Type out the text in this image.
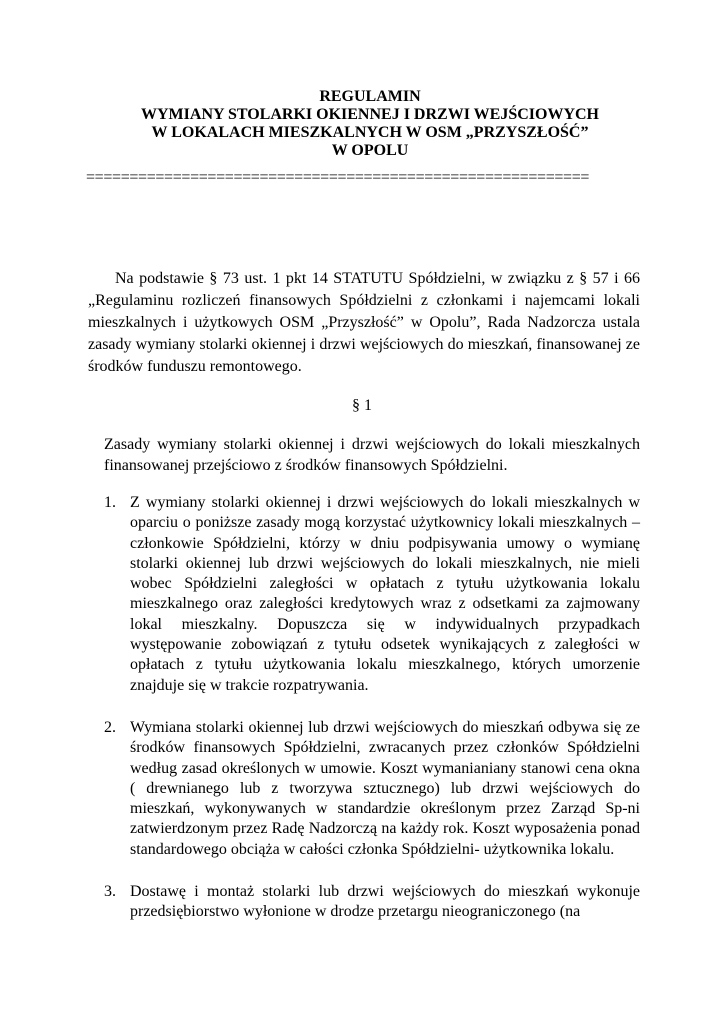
REGULAMIN
WYMIANY STOLARKI OKIENNEJ I DRZWI WEJŚCIOWYCH
W LOKALACH MIESZKALNYCH W OSM „PRZYSZŁOŚĆ”
W OPOLU
==========================================================

Na podstawie § 73 ust. 1 pkt 14 STATUTU Spółdzielni, w związku z § 57 i 66 „Regulaminu rozliczeń finansowych Spółdzielni z członkami i najemcami lokali mieszkalnych i użytkowych OSM „Przyszłość” w Opolu”, Rada Nadzorcza ustala zasady wymiany stolarki okiennej i drzwi wejściowych do mieszkań, finansowanej ze środków funduszu remontowego.

§ 1

Zasady wymiany stolarki okiennej i drzwi wejściowych do lokali mieszkalnych finansowanej przejściowo z środków finansowych Spółdzielni.

1. Z wymiany stolarki okiennej i drzwi wejściowych do lokali mieszkalnych w oparciu o poniższe zasady mogą korzystać użytkownicy lokali mieszkalnych – członkowie Spółdzielni, którzy w dniu podpisywania umowy o wymianę stolarki okiennej lub drzwi wejściowych do lokali mieszkalnych, nie mieli wobec Spółdzielni zaległości w opłatach z tytułu użytkowania lokalu mieszkalnego oraz zaległości kredytowych wraz z odsetkami za zajmowany lokal mieszkalny. Dopuszcza się w indywidualnych przypadkach występowanie zobowiązań z tytułu odsetek wynikających z zaległości w opłatach z tytułu użytkowania lokalu mieszkalnego, których umorzenie znajduje się w trakcie rozpatrywania.
2. Wymiana stolarki okiennej lub drzwi wejściowych do mieszkań odbywa się ze środków finansowych Spółdzielni, zwracanych przez członków Spółdzielni według zasad określonych w umowie. Koszt wymanianiany stanowi cena okna ( drewnianego lub z tworzywa sztucznego) lub drzwi wejściowych do mieszkań, wykonywanych w standardzie określonym przez Zarząd Sp-ni zatwierdzonym przez Radę Nadzorczą na każdy rok. Koszt wyposażenia ponad standardowego obciąża w całości członka Spółdzielni- użytkownika lokalu.
3. Dostawę i montaż stolarki lub drzwi wejściowych do mieszkań wykonuje przedsiębiorstwo wyłonione w drodze przetargu nieograniczonego (na
